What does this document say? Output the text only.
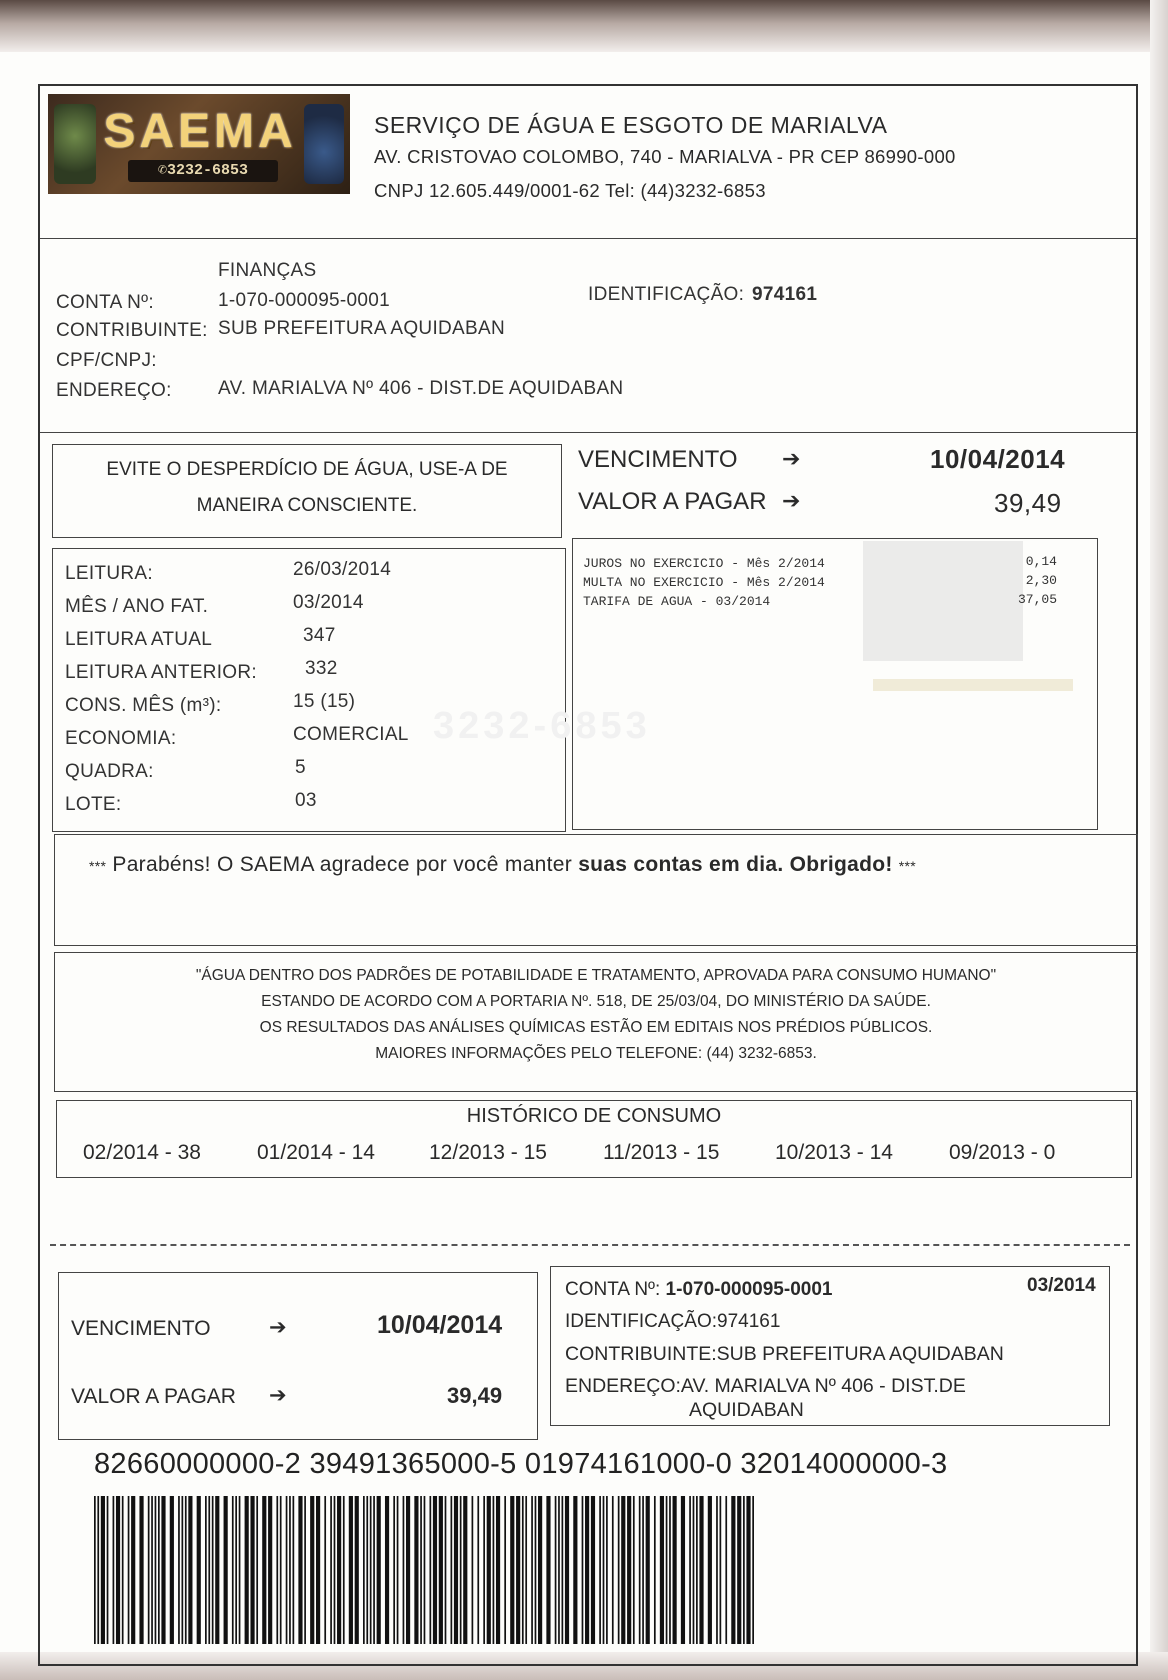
SAEMA
✆3232-6853
SERVIÇO DE ÁGUA E ESGOTO DE MARIALVA
AV. CRISTOVAO COLOMBO, 740 - MARIALVA - PR CEP 86990-000
CNPJ 12.605.449/0001-62 Tel: (44)3232-6853
FINANÇAS
CONTA Nº:	1-070-000095-0001	IDENTIFICAÇÃO: 974161
CONTRIBUINTE: SUB PREFEITURA AQUIDABAN
CPF/CNPJ:
ENDEREÇO: AV. MARIALVA Nº 406 - DIST.DE AQUIDABAN
EVITE O DESPERDÍCIO DE ÁGUA, USE-A DE
MANEIRA CONSCIENTE.
VENCIMENTO ➔	10/04/2014
VALOR A PAGAR ➔	39,49
LEITURA:	26/03/2014
MÊS / ANO FAT.	03/2014
LEITURA ATUAL	347
LEITURA ANTERIOR:	332
CONS. MÊS (m³):	15 (15)
ECONOMIA:	COMERCIAL
QUADRA:	5
LOTE:	03
3232-6853
JUROS NO EXERCICIO - Mês 2/2014	0,14
MULTA NO EXERCICIO - Mês 2/2014	2,30
TARIFA DE AGUA - 03/2014	37,05
*** Parabéns! O SAEMA agradece por você manter suas contas em dia. Obrigado! ***
"ÁGUA DENTRO DOS PADRÕES DE POTABILIDADE E TRATAMENTO, APROVADA PARA CONSUMO HUMANO"
ESTANDO DE ACORDO COM A PORTARIA Nº. 518, DE 25/03/04, DO MINISTÉRIO DA SAÚDE.
OS RESULTADOS DAS ANÁLISES QUÍMICAS ESTÃO EM EDITAIS NOS PRÉDIOS PÚBLICOS.
MAIORES INFORMAÇÕES PELO TELEFONE: (44) 3232-6853.
HISTÓRICO DE CONSUMO
02/2014 - 38	01/2014 - 14	12/2013 - 15	11/2013 - 15	10/2013 - 14	09/2013 - 0
VENCIMENTO	➔	10/04/2014
VALOR A PAGAR ➔	39,49
CONTA Nº: 1-070-000095-0001	03/2014
IDENTIFICAÇÃO:974161
CONTRIBUINTE:SUB PREFEITURA AQUIDABAN
ENDEREÇO:AV. MARIALVA Nº 406 - DIST.DE
AQUIDABAN
82660000000-2 39491365000-5 01974161000-0 32014000000-3
